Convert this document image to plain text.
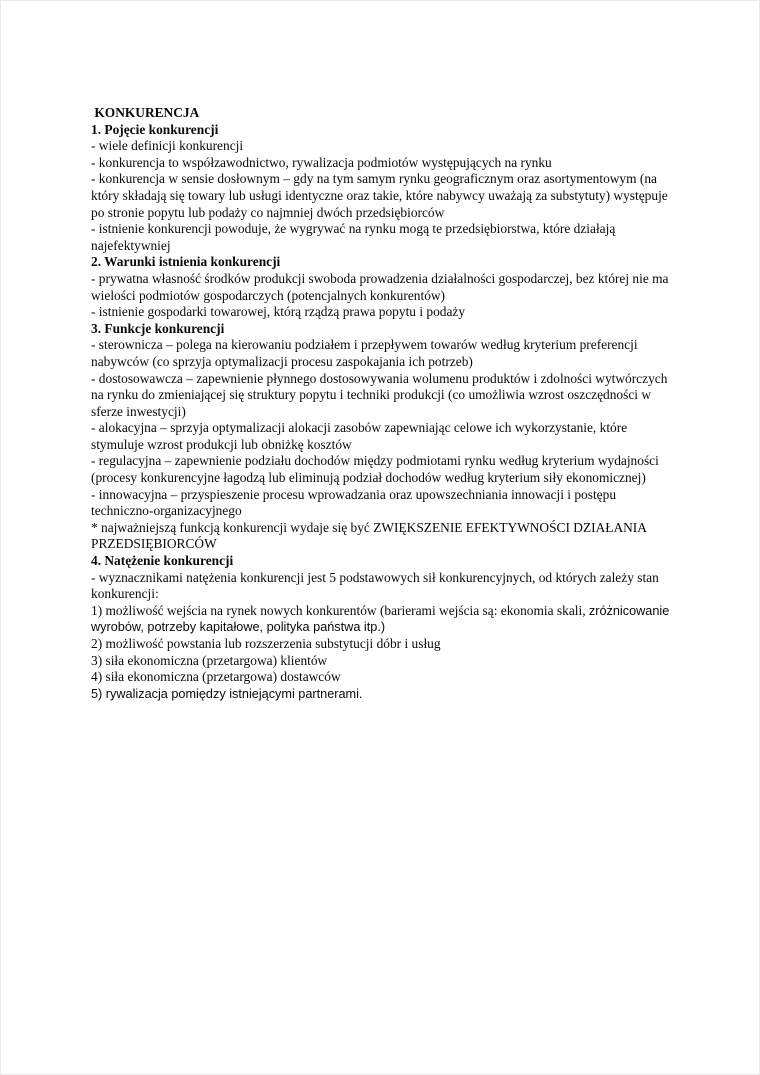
KONKURENCJA
1. Pojęcie konkurencji
- wiele definicji konkurencji
- konkurencja to współzawodnictwo, rywalizacja podmiotów występujących na rynku
- konkurencja w sensie dosłownym – gdy na tym samym rynku geograficznym oraz asortymentowym (na który składają się towary lub usługi identyczne oraz takie, które nabywcy uważają za substytuty) występuje po stronie popytu lub podaży co najmniej dwóch przedsiębiorców
- istnienie konkurencji powoduje, że wygrywać na rynku mogą te przedsiębiorstwa, które działają najefektywniej
2. Warunki istnienia konkurencji
- prywatna własność środków produkcji swoboda prowadzenia działalności gospodarczej, bez której nie ma wielości podmiotów gospodarczych (potencjalnych konkurentów)
- istnienie gospodarki towarowej, którą rządzą prawa popytu i podaży
3. Funkcje konkurencji
- sterownicza – polega na kierowaniu podziałem i przepływem towarów według kryterium preferencji nabywców (co sprzyja optymalizacji procesu zaspokajania ich potrzeb)
- dostosowawcza – zapewnienie płynnego dostosowywania wolumenu produktów i zdolności wytwórczych na rynku do zmieniającej się struktury popytu i techniki produkcji (co umożliwia wzrost oszczędności w sferze inwestycji)
- alokacyjna – sprzyja optymalizacji alokacji zasobów zapewniając celowe ich wykorzystanie, które stymuluje wzrost produkcji lub obniżkę kosztów
- regulacyjna – zapewnienie podziału dochodów między podmiotami rynku według kryterium wydajności (procesy konkurencyjne łagodzą lub eliminują podział dochodów według kryterium siły ekonomicznej)
- innowacyjna – przyspieszenie procesu wprowadzania oraz upowszechniania innowacji i postępu techniczno-organizacyjnego
* najważniejszą funkcją konkurencji wydaje się być ZWIĘKSZENIE EFEKTYWNOŚCI DZIAŁANIA PRZEDSIĘBIORCÓW
4. Natężenie konkurencji
- wyznacznikami natężenia konkurencji jest 5 podstawowych sił konkurencyjnych, od których zależy stan konkurencji:
1) możliwość wejścia na rynek nowych konkurentów (barierami wejścia są: ekonomia skali, zróżnicowanie wyrobów, potrzeby kapitałowe, polityka państwa itp.)
2) możliwość powstania lub rozszerzenia substytucji dóbr i usług
3) siła ekonomiczna (przetargowa) klientów
4) siła ekonomiczna (przetargowa) dostawców
5) rywalizacja pomiędzy istniejącymi partnerami.
